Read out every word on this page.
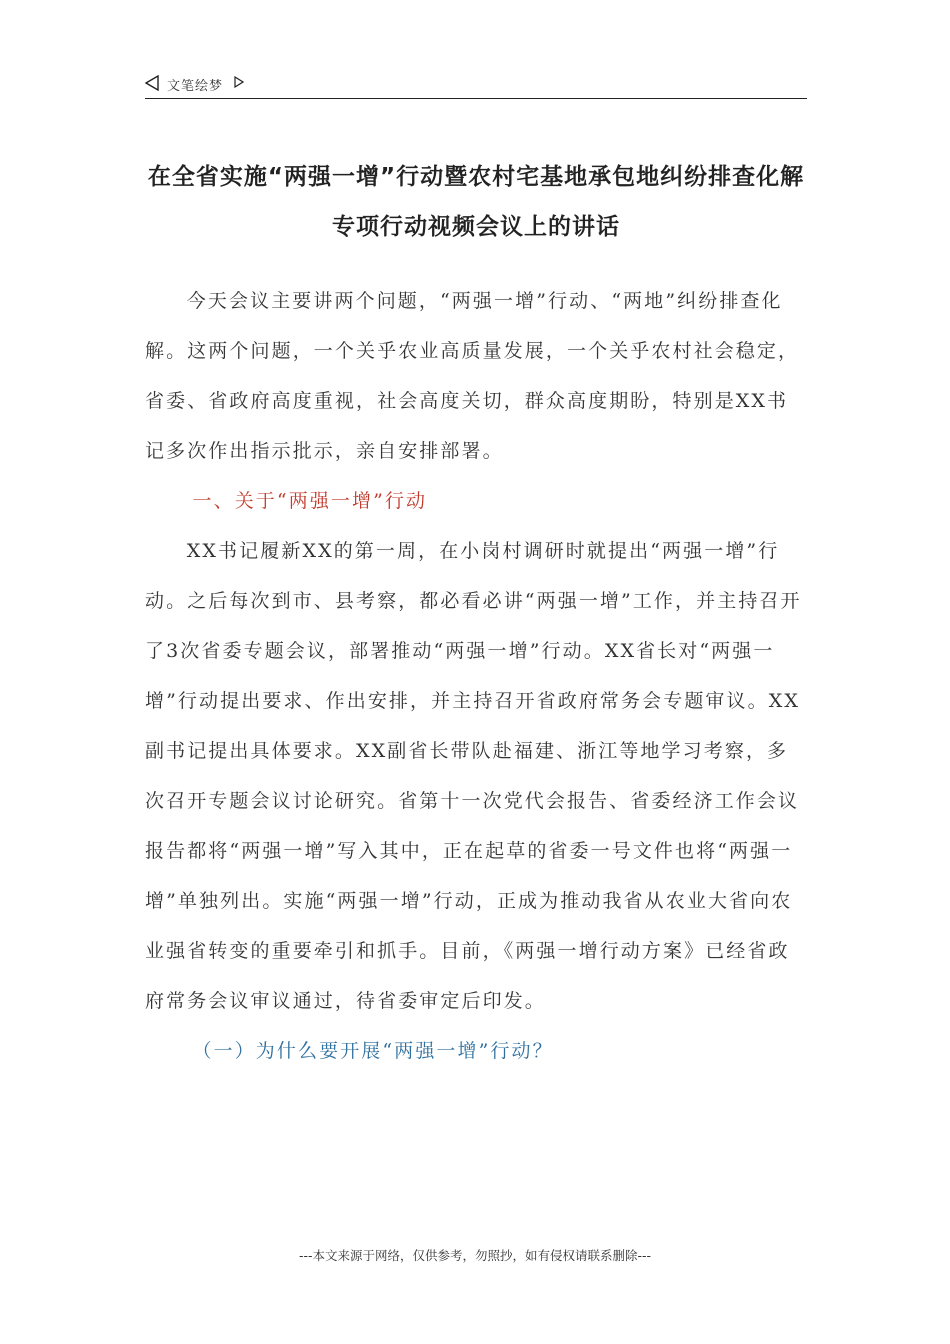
文笔绘梦
在全省实施“两强一增”行动暨农村宅基地承包地纠纷排查化解专项行动视频会议上的讲话

今天会议主要讲两个问题，“两强一增”行动、“两地”纠纷排查化解。这两个问题，一个关乎农业高质量发展，一个关乎农村社会稳定，省委、省政府高度重视，社会高度关切，群众高度期盼，特别是XX书记多次作出指示批示，亲自安排部署。

一、关于“两强一增”行动

XX书记履新XX的第一周，在小岗村调研时就提出“两强一增”行动。之后每次到市、县考察，都必看必讲“两强一增”工作，并主持召开了3次省委专题会议，部署推动“两强一增”行动。XX省长对“两强一增”行动提出要求、作出安排，并主持召开省政府常务会专题审议。XX副书记提出具体要求。XX副省长带队赴福建、浙江等地学习考察，多次召开专题会议讨论研究。省第十一次党代会报告、省委经济工作会议报告都将“两强一增”写入其中，正在起草的省委一号文件也将“两强一增”单独列出。实施“两强一增”行动，正成为推动我省从农业大省向农业强省转变的重要牵引和抓手。目前，《两强一增行动方案》已经省政府常务会议审议通过，待省委审定后印发。

（一）为什么要开展“两强一增”行动？

---本文来源于网络，仅供参考，勿照抄，如有侵权请联系删除---
